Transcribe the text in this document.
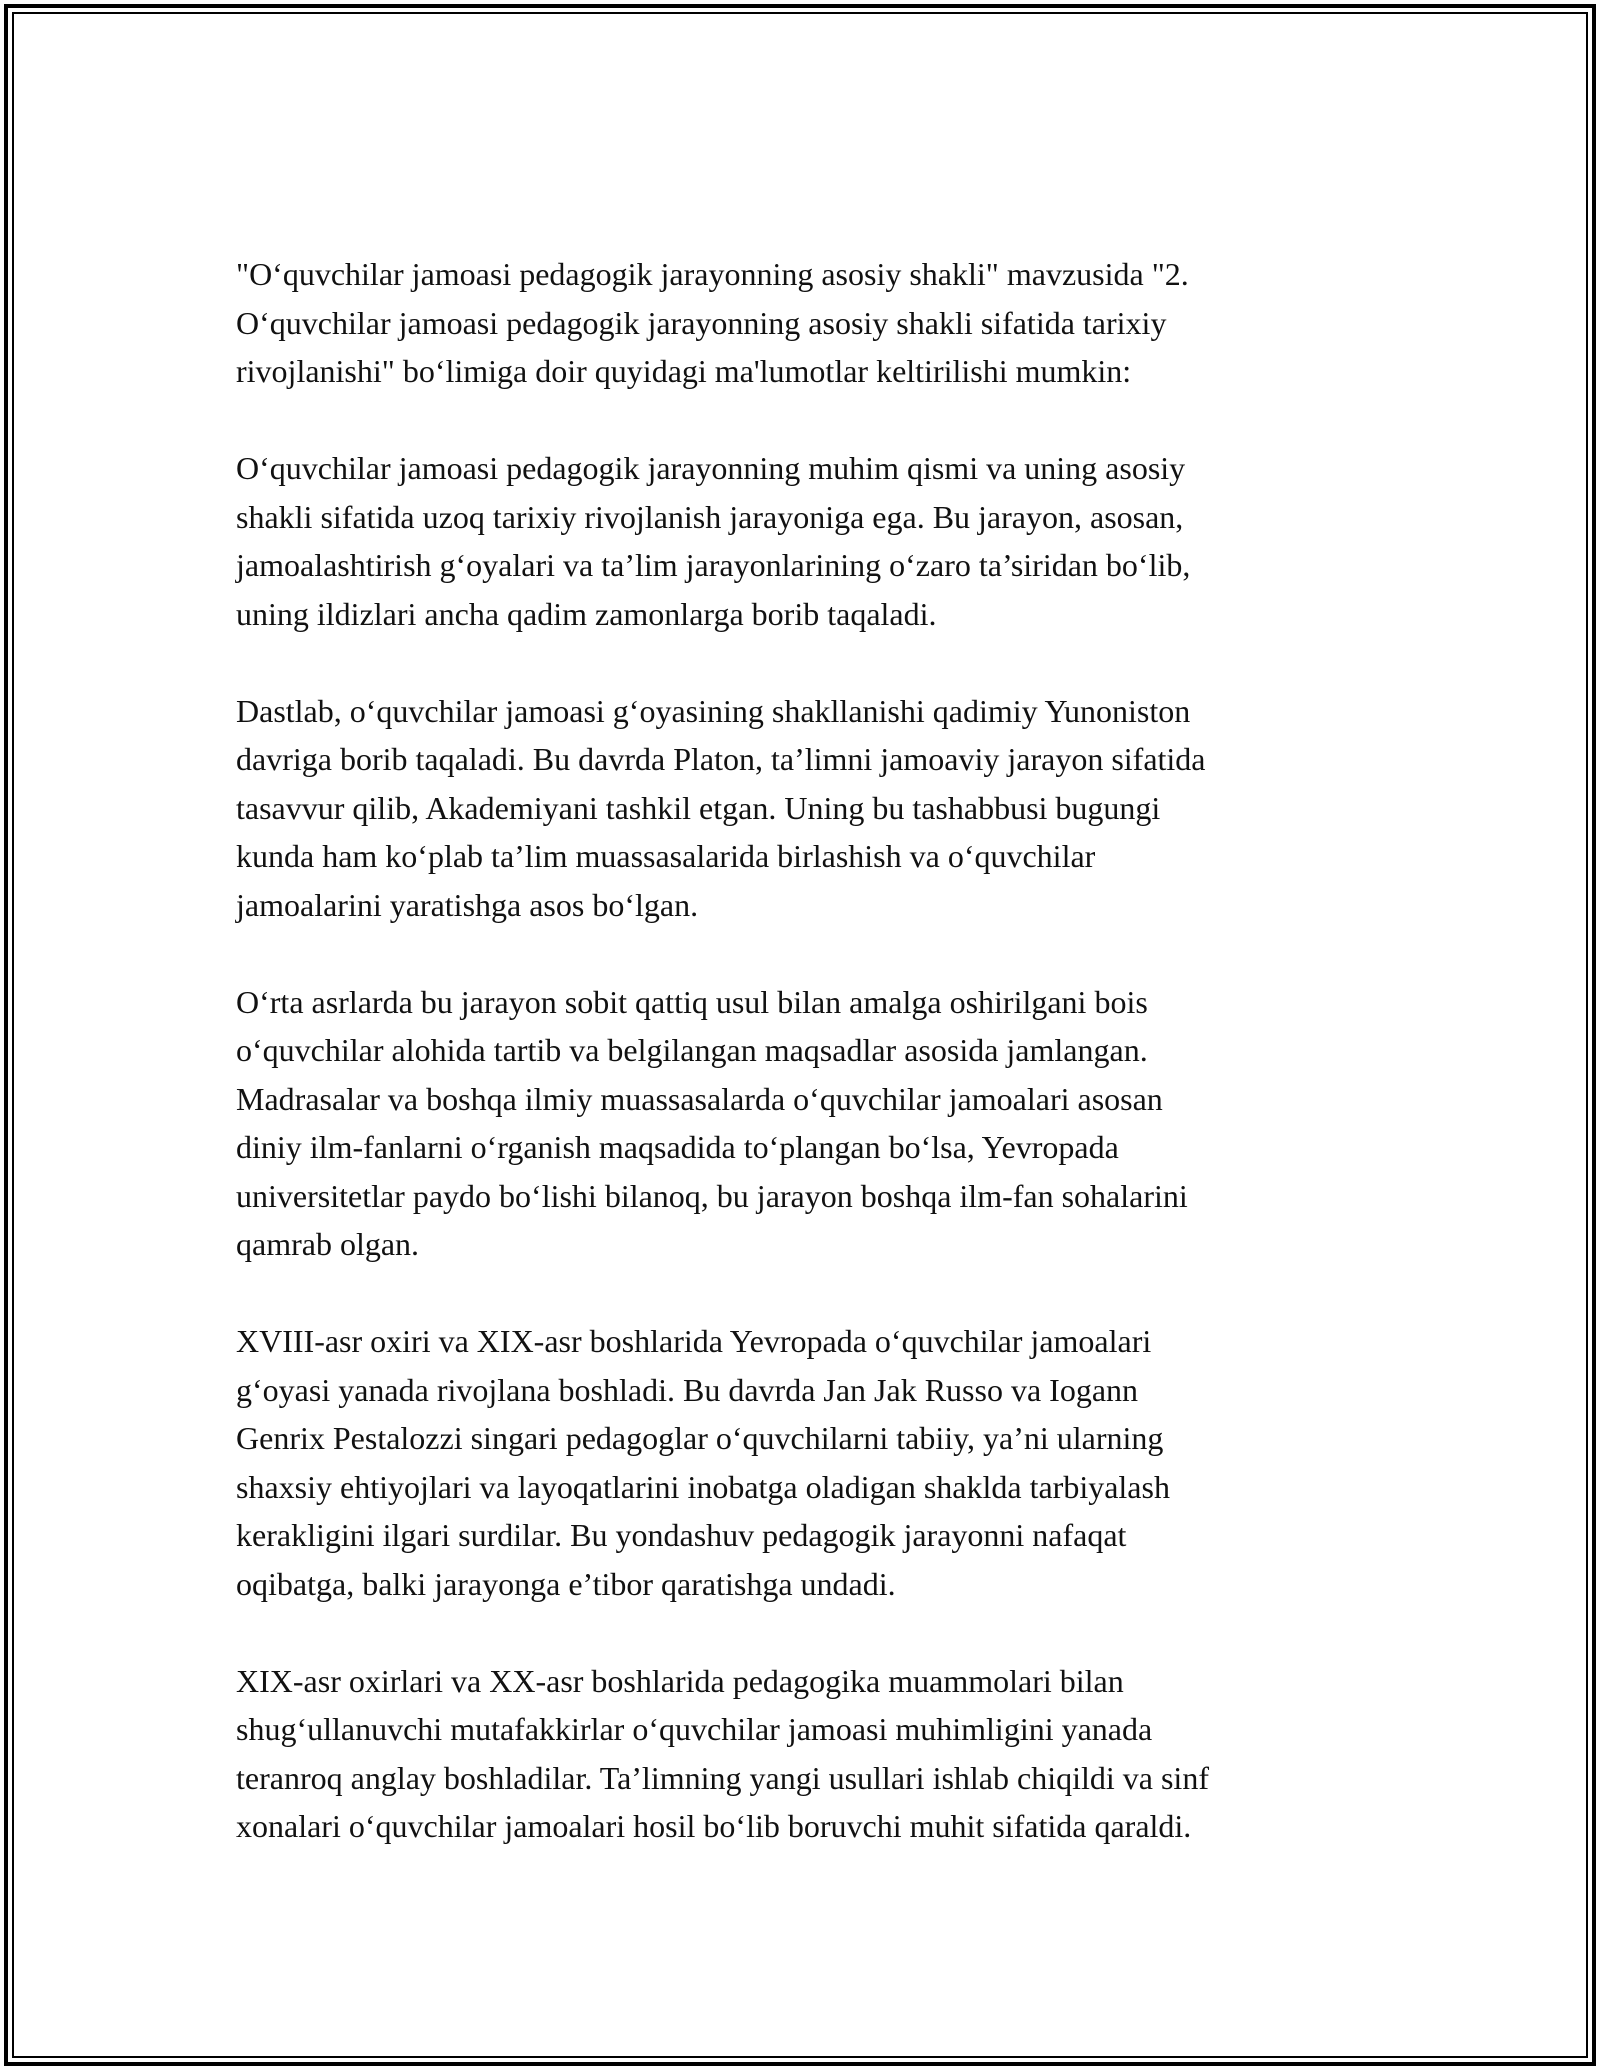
"Oʻquvchilar jamoasi pedagogik jarayonning asosiy shakli" mavzusida "2.
Oʻquvchilar jamoasi pedagogik jarayonning asosiy shakli sifatida tarixiy
rivojlanishi" boʻlimiga doir quyidagi ma'lumotlar keltirilishi mumkin:

Oʻquvchilar jamoasi pedagogik jarayonning muhim qismi va uning asosiy
shakli sifatida uzoq tarixiy rivojlanish jarayoniga ega. Bu jarayon, asosan,
jamoalashtirish gʻoyalari va ta’lim jarayonlarining oʻzaro ta’siridan boʻlib,
uning ildizlari ancha qadim zamonlarga borib taqaladi.

Dastlab, oʻquvchilar jamoasi gʻoyasining shakllanishi qadimiy Yunoniston
davriga borib taqaladi. Bu davrda Platon, ta’limni jamoaviy jarayon sifatida
tasavvur qilib, Akademiyani tashkil etgan. Uning bu tashabbusi bugungi
kunda ham koʻplab ta’lim muassasalarida birlashish va oʻquvchilar
jamoalarini yaratishga asos boʻlgan.

Oʻrta asrlarda bu jarayon sobit qattiq usul bilan amalga oshirilgani bois
oʻquvchilar alohida tartib va belgilangan maqsadlar asosida jamlangan.
Madrasalar va boshqa ilmiy muassasalarda oʻquvchilar jamoalari asosan
diniy ilm-fanlarni oʻrganish maqsadida toʻplangan boʻlsa, Yevropada
universitetlar paydo boʻlishi bilanoq, bu jarayon boshqa ilm-fan sohalarini
qamrab olgan.

XVIII-asr oxiri va XIX-asr boshlarida Yevropada oʻquvchilar jamoalari
gʻoyasi yanada rivojlana boshladi. Bu davrda Jan Jak Russo va Iogann
Genrix Pestalozzi singari pedagoglar oʻquvchilarni tabiiy, ya’ni ularning
shaxsiy ehtiyojlari va layoqatlarini inobatga oladigan shakldа tarbiyalash
kerakligini ilgari surdilar. Bu yondashuv pedagogik jarayonni nafaqat
oqibatga, balki jarayonga e’tibor qaratishga undadi.

XIX-asr oxirlari va XX-asr boshlarida pedagogika muammolari bilan
shugʻullanuvchi mutafakkirlar oʻquvchilar jamoasi muhimligini yanada
teranroq anglay boshladilar. Ta’limning yangi usullari ishlab chiqildi va sinf
xonalari oʻquvchilar jamoalari hosil boʻlib boruvchi muhit sifatida qaraldi.
